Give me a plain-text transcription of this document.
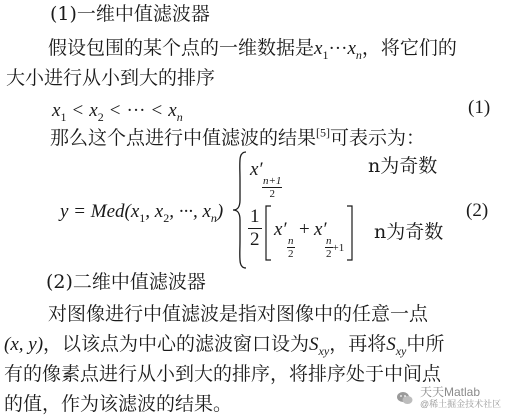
(1)一维中值滤波器
假设包围的某个点的一维数据是$x_1\cdot\cdot\cdot x_n$，将它们的
大小进行从小到大的排序
$x_1 < x_2$ < ··· < $x_n$	(1)
那么这个点进行中值滤波的结果[5]可表示为：
$y = Med(x_1$, $x_2$, ···, $x_n$)
x′
$\frac{n+1}{2}$
n为奇数
$\frac{1}{2} x'$
n
2
+ x′
n
2
+1
n为奇数
(2)
(2)二维中值滤波器
对图像进行中值滤波是指对图像中的任意一点
(x, y)，以该点为中心的滤波窗口设为$S_{xy}$，再将$S_{xy}$中所
有的像素点进行从小到大的排序，将排序处于中间点
的值，作为该滤波的结果。
天天Matlab
@稀土掘金技术社区
